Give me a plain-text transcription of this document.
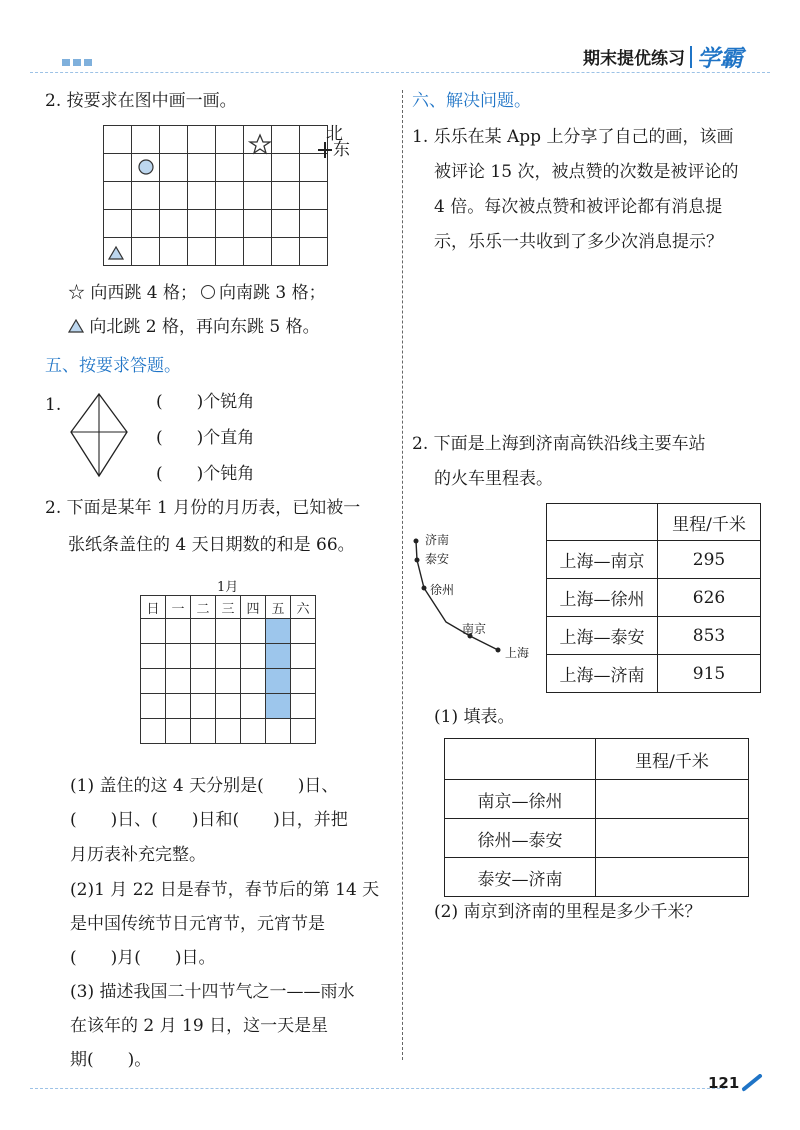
期末提优练习 学霸
2. 按要求在图中画一画。

北
东
☆ 向西跳 4 格； 向南跳 3 格；
向北跳 2 格，再向东跳 5 格。
五、按要求答题。
1.	(　　)个锐角
(　　)个直角
(　　)个钝角
2. 下面是某年 1 月份的月历表，已知被一
张纸条盖住的 4 天日期数的和是 66。
1月
日	一	二	三	四	五	六

(1) 盖住的这 4 天分别是(　　)日、
(　　)日、(　　)日和(　　)日，并把
月历表补充完整。
(2)1 月 22 日是春节，春节后的第 14 天
是中国传统节日元宵节，元宵节是
(　　)月(　　)日。
(3) 描述我国二十四节气之一——雨水
在该年的 2 月 19 日，这一天是星
期(　　)。
六、解决问题。
1. 乐乐在某 App 上分享了自己的画，该画
被评论 15 次，被点赞的次数是被评论的
4 倍。每次被点赞和被评论都有消息提
示，乐乐一共收到了多少次消息提示？
2. 下面是上海到济南高铁沿线主要车站
的火车里程表。
济南
泰安
徐州
南京
上海
	里程/千米
上海—南京	295
上海—徐州	626
上海—泰安	853
上海—济南	915
(1) 填表。
	里程/千米
南京—徐州	
徐州—泰安	
泰安—济南	
(2) 南京到济南的里程是多少千米？
121
